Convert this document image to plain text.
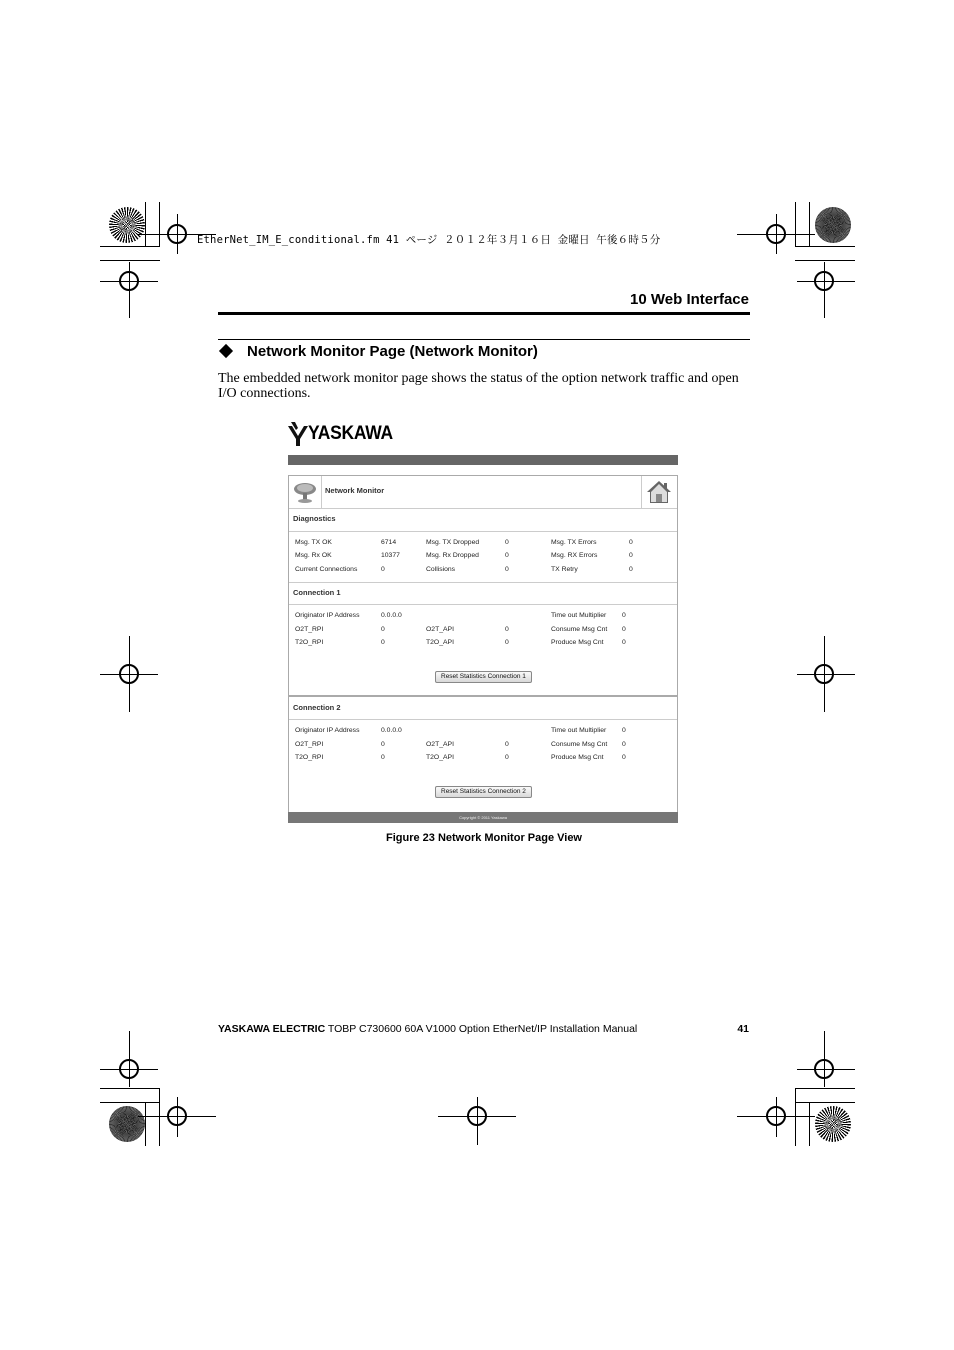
EtherNet_IM_E_conditional.fm 41 ページ ２０１２年３月１６日 金曜日 午後６時５分
10 Web Interface
Network Monitor Page (Network Monitor)
The embedded network monitor page shows the status of the option network traffic and open I/O connections.
YASKAWA
Network Monitor
Diagnostics
Msg. TX OK	6714	Msg. TX Dropped	0	Msg. TX Errors	0
Msg. Rx OK	10377	Msg. Rx Dropped	0	Msg. RX Errors	0
Current Connections	0	Collisions	0	TX Retry	0
Connection 1
Originator IP Address	0.0.0.0	Time out Multiplier 0
O2T_RPI	0	O2T_API	0	Consume Msg Cnt 0
T2O_RPI	0	T2O_API	0	Produce Msg Cnt	0
Reset Statistics Connection 1
Connection 2
Originator IP Address	0.0.0.0	Time out Multiplier 0
O2T_RPI	0	O2T_API	0	Consume Msg Cnt 0
T2O_RPI	0	T2O_API	0	Produce Msg Cnt	0
Reset Statistics Connection 2
Copyright © 2011 Yaskawa
Figure 23 Network Monitor Page View
YASKAWA ELECTRIC TOBP C730600 60A V1000 Option EtherNet/IP Installation Manual	41
